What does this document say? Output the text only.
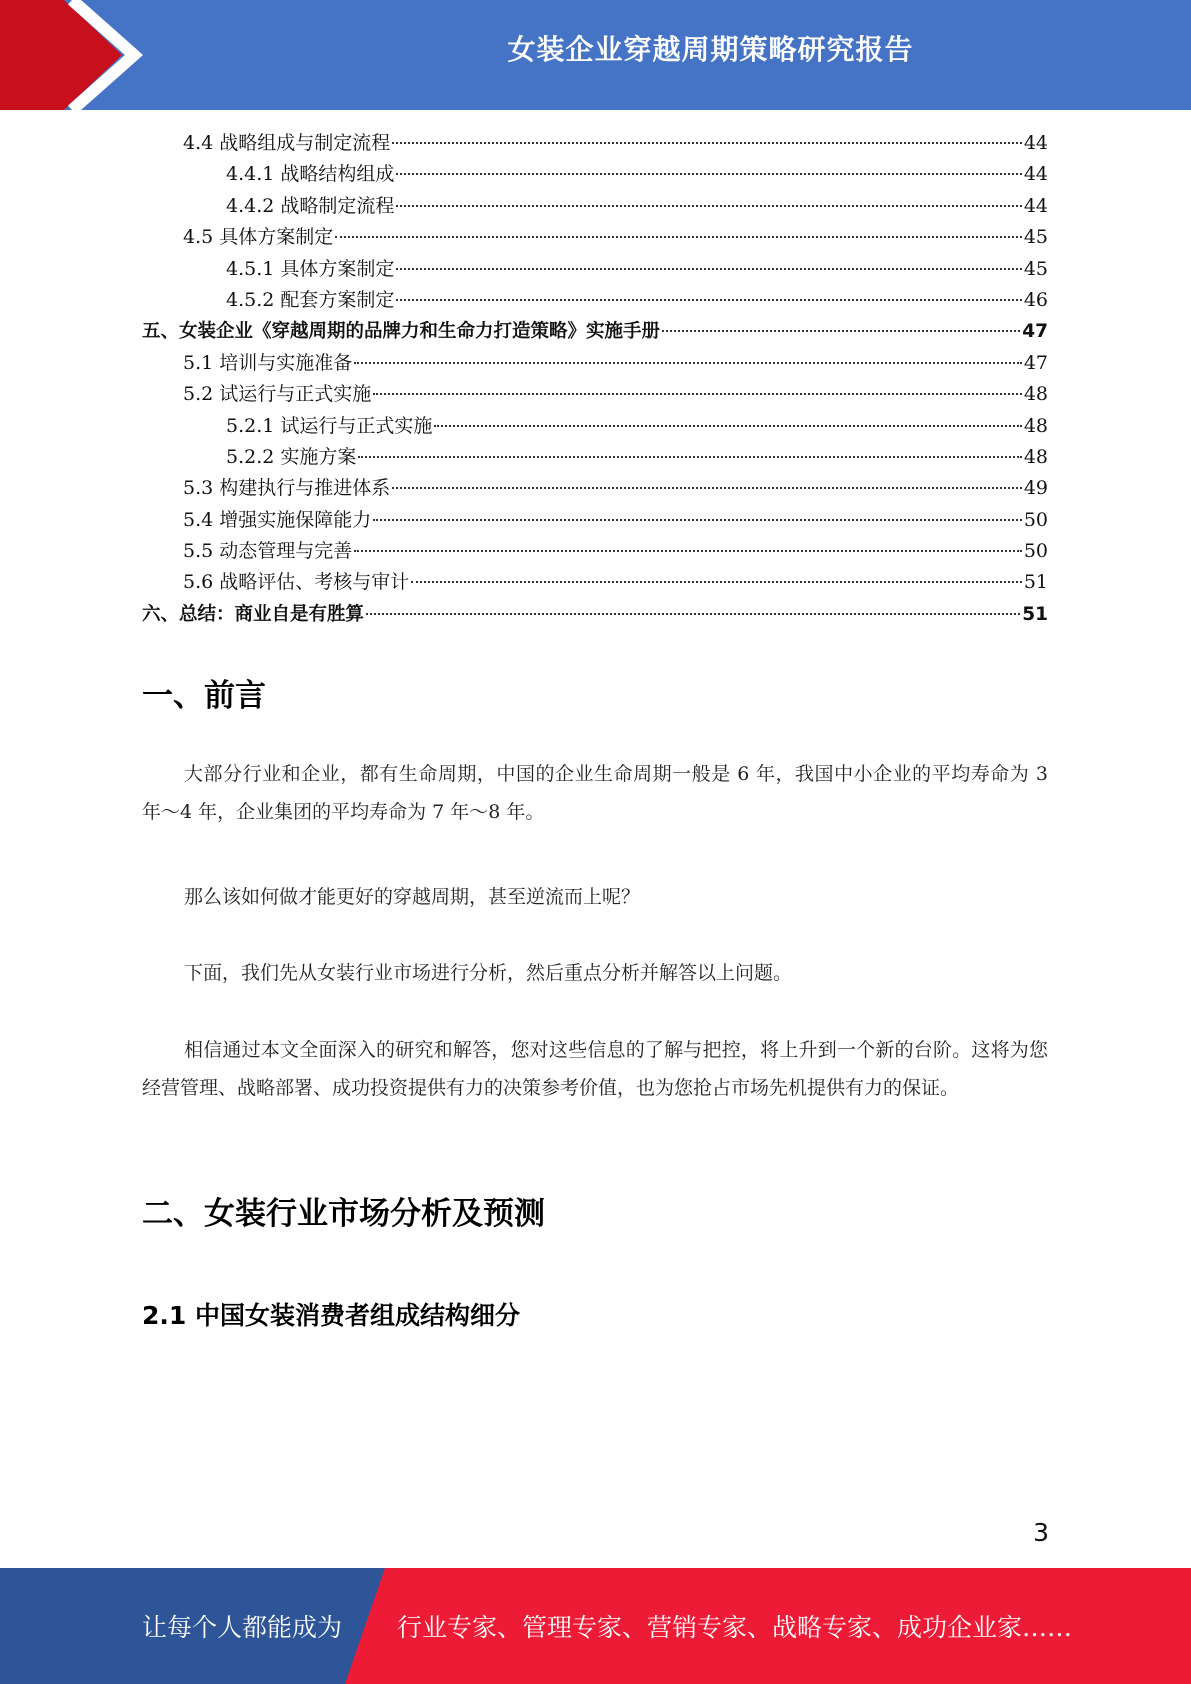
女装企业穿越周期策略研究报告
4.4 战略组成与制定流程	44
4.4.1 战略结构组成	44
4.4.2 战略制定流程	44
4.5 具体方案制定	45
4.5.1 具体方案制定	45
4.5.2 配套方案制定	46
五、女装企业《穿越周期的品牌力和生命力打造策略》实施手册	47
5.1 培训与实施准备	47
5.2 试运行与正式实施	48
5.2.1 试运行与正式实施	48
5.2.2 实施方案	48
5.3 构建执行与推进体系	49
5.4 增强实施保障能力	50
5.5 动态管理与完善	50
5.6 战略评估、考核与审计	51
六、总结：商业自是有胜算	51
一、前言

大部分行业和企业，都有生命周期，中国的企业生命周期一般是 6 年，我国中小企业的平均寿命为 3 年～4 年，企业集团的平均寿命为 7 年～8 年。

那么该如何做才能更好的穿越周期，甚至逆流而上呢？

下面，我们先从女装行业市场进行分析，然后重点分析并解答以上问题。

相信通过本文全面深入的研究和解答，您对这些信息的了解与把控，将上升到一个新的台阶。这将为您经营管理、战略部署、成功投资提供有力的决策参考价值，也为您抢占市场先机提供有力的保证。

二、女装行业市场分析及预测
2.1 中国女装消费者组成结构细分
3
让每个人都能成为 行业专家、管理专家、营销专家、战略专家、成功企业家……
